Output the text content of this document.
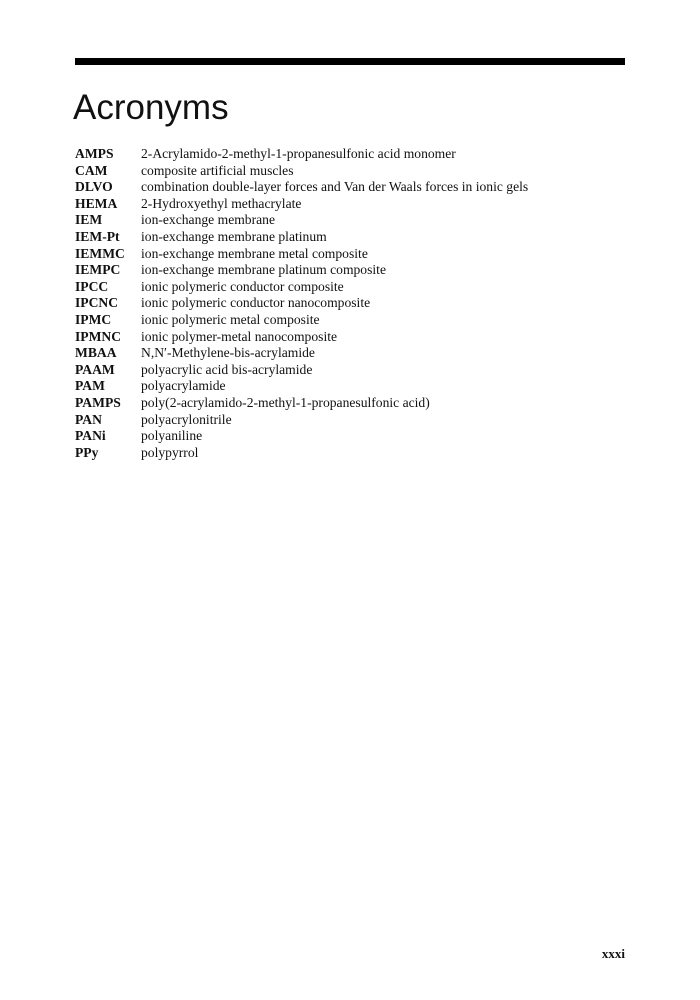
Acronyms
AMPS	2-Acrylamido-2-methyl-1-propanesulfonic acid monomer
CAM	composite artificial muscles
DLVO	combination double-layer forces and Van der Waals forces in ionic gels
HEMA	2-Hydroxyethyl methacrylate
IEM	ion-exchange membrane
IEM-Pt	ion-exchange membrane platinum
IEMMC	ion-exchange membrane metal composite
IEMPC	ion-exchange membrane platinum composite
IPCC	ionic polymeric conductor composite
IPCNC	ionic polymeric conductor nanocomposite
IPMC	ionic polymeric metal composite
IPMNC	ionic polymer-metal nanocomposite
MBAA	N,N′-Methylene-bis-acrylamide
PAAM	polyacrylic acid bis-acrylamide
PAM	polyacrylamide
PAMPS	poly(2-acrylamido-2-methyl-1-propanesulfonic acid)
PAN	polyacrylonitrile
PANi	polyaniline
PPy	polypyrrol
xxxi
